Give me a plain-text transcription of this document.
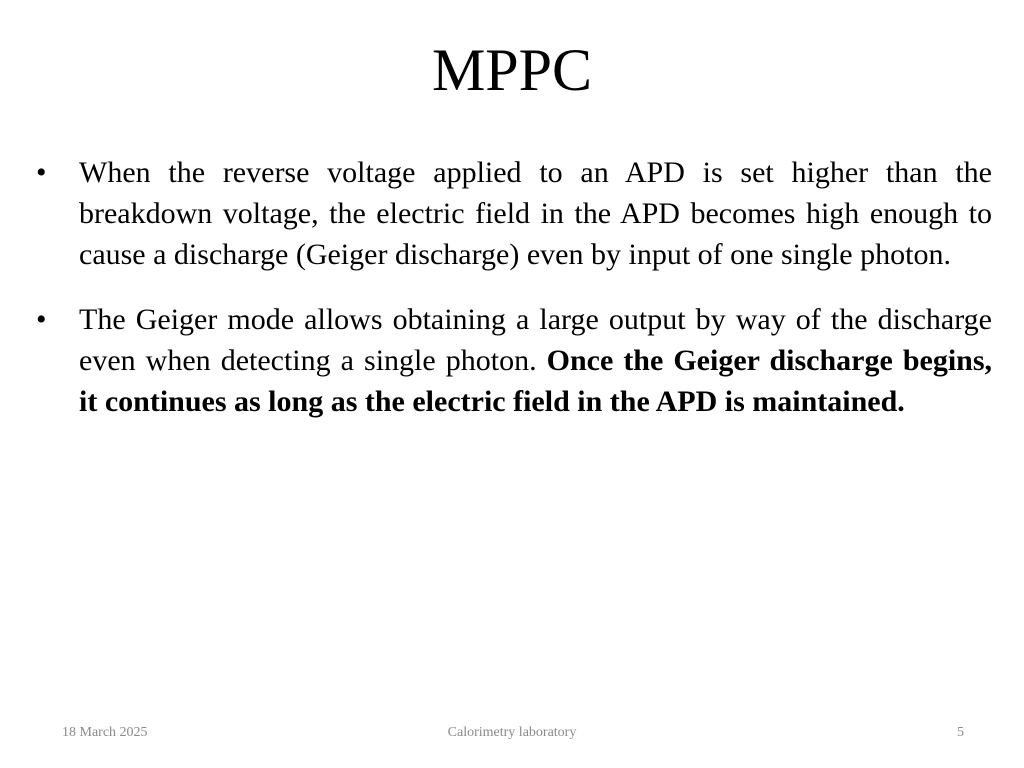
MPPC
• When the reverse voltage applied to an APD is set higher than the breakdown voltage, the electric field in the APD becomes high enough to cause a discharge (Geiger discharge) even by input of one single photon.
• The Geiger mode allows obtaining a large output by way of the discharge even when detecting a single photon. Once the Geiger discharge begins, it continues as long as the electric field in the APD is maintained.
18 March 2025	Calorimetry laboratory	5
